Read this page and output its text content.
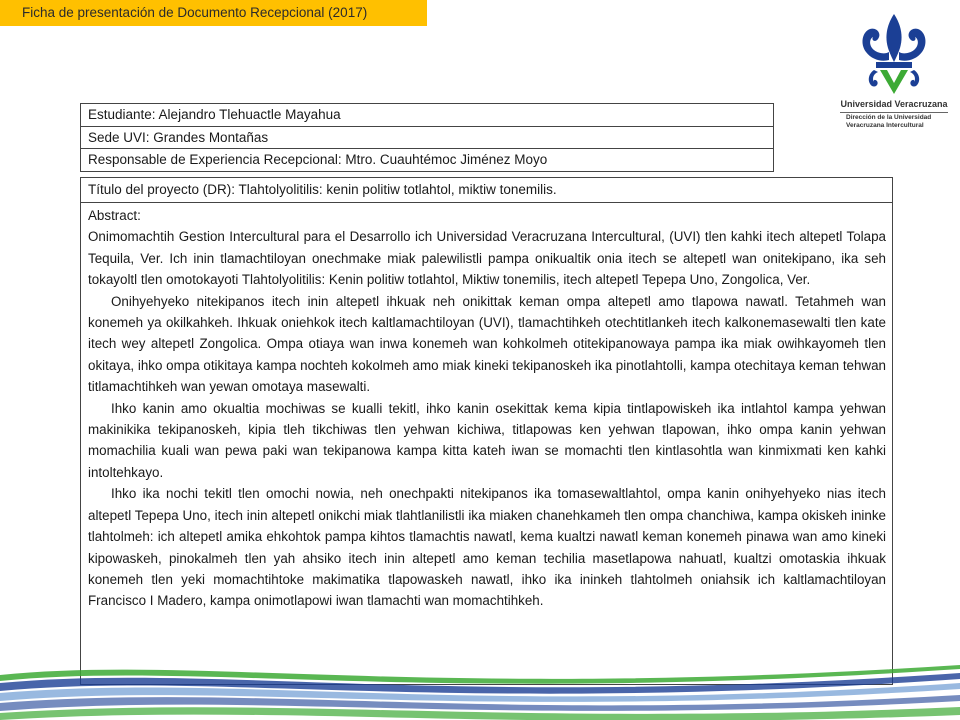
Ficha de presentación de Documento Recepcional (2017)
Universidad Veracruzana
Dirección de la Universidad
Veracruzana Intercultural
Estudiante: Alejandro Tlehuactle Mayahua
Sede UVI: Grandes Montañas
Responsable de Experiencia Recepcional: Mtro. Cuauhtémoc Jiménez Moyo
Título del proyecto (DR): Tlahtolyolitilis: kenin politiw totlahtol, miktiw tonemilis.

Abstract:

Onimomachtih Gestion Intercultural para el Desarrollo ich Universidad Veracruzana Intercultural, (UVI) tlen kahki itech altepetl Tolapa Tequila, Ver. Ich inin tlamachtiloyan onechmake miak palewilistli pampa onikualtik onia itech se altepetl wan onitekipano, ika seh tokayoltl tlen omotokayoti Tlahtolyolitilis: Kenin politiw totlahtol, Miktiw tonemilis, itech altepetl Tepepa Uno, Zongolica, Ver.

Onihyehyeko nitekipanos itech inin altepetl ihkuak neh onikittak keman ompa altepetl amo tlapowa nawatl. Tetahmeh wan konemeh ya okilkahkeh. Ihkuak oniehkok itech kaltlamachtiloyan (UVI), tlamachtihkeh otechtitlankeh itech kalkonemasewalti tlen kate itech wey altepetl Zongolica. Ompa otiaya wan inwa konemeh wan kohkolmeh otitekipanowaya pampa ika miak owihkayomeh tlen okitaya, ihko ompa otikitaya kampa nochteh kokolmeh amo miak kineki tekipanoskeh ika pinotlahtolli, kampa otechitaya keman tehwan titlamachtihkeh wan yewan omotaya masewalti.

Ihko kanin amo okualtia mochiwas se kualli tekitl, ihko kanin osekittak kema kipia tintlapowiskeh ika intlahtol kampa yehwan makinikika tekipanoskeh, kipia tleh tikchiwas tlen yehwan kichiwa, titlapowas ken yehwan tlapowan, ihko ompa kanin yehwan momachilia kuali wan pewa paki wan tekipanowa kampa kitta kateh iwan se momachti tlen kintlasohtla wan kinmixmati ken kahki intoltehkayo.

Ihko ika nochi tekitl tlen omochi nowia, neh onechpakti nitekipanos ika tomasewaltlahtol, ompa kanin onihyehyeko nias itech altepetl Tepepa Uno, itech inin altepetl onikchi miak tlahtlanilistli ika miaken chanehkameh tlen ompa chanchiwa, kampa okiskeh ininke tlahtolmeh: ich altepetl amika ehkohtok pampa kihtos tlamachtis nawatl, kema kualtzi nawatl keman konemeh pinawa wan amo kineki kipowaskeh, pinokalmeh tlen yah ahsiko itech inin altepetl amo keman techilia masetlapowa nahuatl, kualtzi omotaskia ihkuak konemeh tlen yeki momachtihtoke makimatika tlapowaskeh nawatl, ihko ika ininkeh tlahtolmeh oniahsik ich kaltlamachtiloyan Francisco I Madero, kampa onimotlapowi iwan tlamachti wan momachtihkeh.
